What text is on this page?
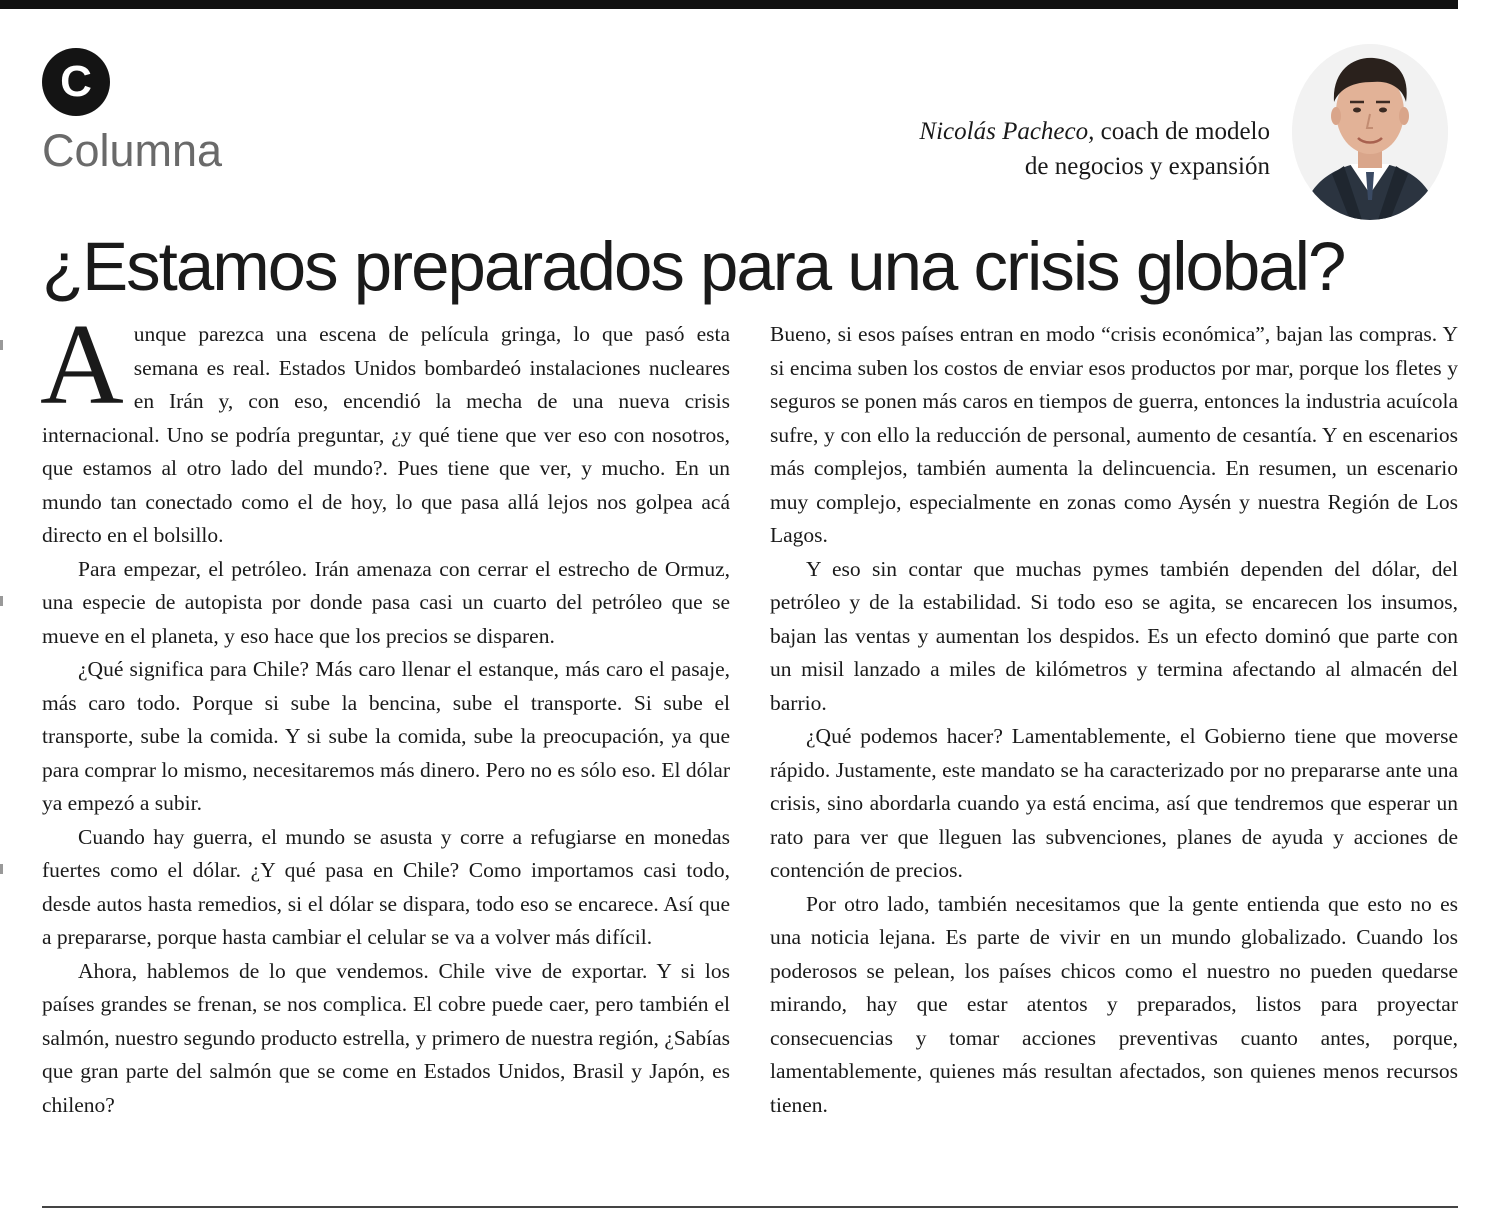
C
Columna	Nicolás Pacheco, coach de modelo
de negocios y expansión
¿Estamos preparados para una crisis global?

Aunque parezca una escena de película gringa, lo que pasó esta semana es real. Estados Unidos bombardeó instalaciones nucleares en Irán y, con eso, encendió la mecha de una nueva crisis internacional. Uno se podría preguntar, ¿y qué tiene que ver eso con nosotros, que estamos al otro lado del mundo?. Pues tiene que ver, y mucho. En un mundo tan conectado como el de hoy, lo que pasa allá lejos nos golpea acá directo en el bolsillo.

Para empezar, el petróleo. Irán amenaza con cerrar el estrecho de Ormuz, una especie de autopista por donde pasa casi un cuarto del petróleo que se mueve en el planeta, y eso hace que los precios se disparen.

¿Qué significa para Chile? Más caro llenar el estanque, más caro el pasaje, más caro todo. Porque si sube la bencina, sube el transporte. Si sube el transporte, sube la comida. Y si sube la comida, sube la preocupación, ya que para comprar lo mismo, necesitaremos más dinero. Pero no es sólo eso. El dólar ya empezó a subir.

Cuando hay guerra, el mundo se asusta y corre a refugiarse en monedas fuertes como el dólar. ¿Y qué pasa en Chile? Como importamos casi todo, desde autos hasta remedios, si el dólar se dispara, todo eso se encarece. Así que a prepararse, porque hasta cambiar el celular se va a volver más difícil.

Ahora, hablemos de lo que vendemos. Chile vive de exportar. Y si los países grandes se frenan, se nos complica. El cobre puede caer, pero también el salmón, nuestro segundo producto estrella, y primero de nuestra región, ¿Sabías que gran parte del salmón que se come en Estados Unidos, Brasil y Japón, es chileno?

Bueno, si esos países entran en modo “crisis económica”, bajan las compras. Y si encima suben los costos de enviar esos productos por mar, porque los fletes y seguros se ponen más caros en tiempos de guerra, entonces la industria acuícola sufre, y con ello la reducción de personal, aumento de cesantía. Y en escenarios más complejos, también aumenta la delincuencia. En resumen, un escenario muy complejo, especialmente en zonas como Aysén y nuestra Región de Los Lagos.

Y eso sin contar que muchas pymes también dependen del dólar, del petróleo y de la estabilidad. Si todo eso se agita, se encarecen los insumos, bajan las ventas y aumentan los despidos. Es un efecto dominó que parte con un misil lanzado a miles de kilómetros y termina afectando al almacén del barrio.

¿Qué podemos hacer? Lamentablemente, el Gobierno tiene que moverse rápido. Justamente, este mandato se ha caracterizado por no prepararse ante una crisis, sino abordarla cuando ya está encima, así que tendremos que esperar un rato para ver que lleguen las subvenciones, planes de ayuda y acciones de contención de precios.

Por otro lado, también necesitamos que la gente entienda que esto no es una noticia lejana. Es parte de vivir en un mundo globalizado. Cuando los poderosos se pelean, los países chicos como el nuestro no pueden quedarse mirando, hay que estar atentos y preparados, listos para proyectar consecuencias y tomar acciones preventivas cuanto antes, porque, lamentablemente, quienes más resultan afectados, son quienes menos recursos tienen.
